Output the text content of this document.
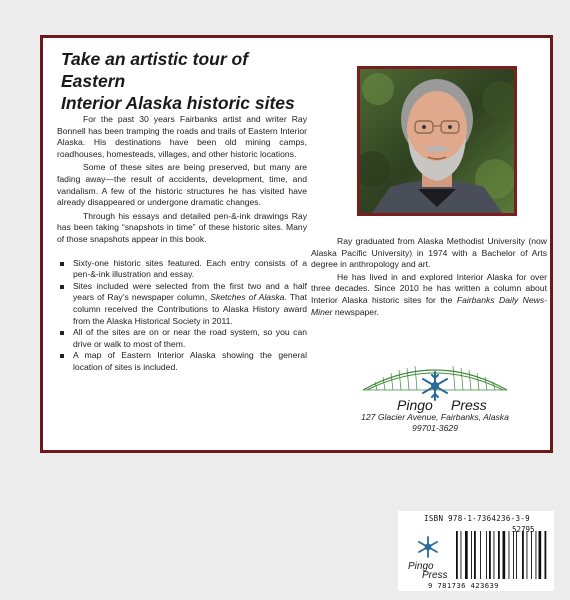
Take an artistic tour of Eastern
Interior Alaska historic sites

For the past 30 years Fairbanks artist and writer Ray Bonnell has been tramping the roads and trails of Eastern Interior Alaska. His destinations have been old mining camps, roadhouses, homesteads, villages, and other historic locations.

Some of these sites are being preserved, but many are fading away—the result of accidents, development, time, and vandalism. A few of the historic structures he has visited have already disappeared or undergone dramatic changes.

Through his essays and detailed pen-&-ink drawings Ray has been taking “snapshots in time” of these historic sites. Many of those snapshots appear in this book.

Sixty-one historic sites featured. Each entry consists of a pen-&-ink illustration and essay.
Sites included were selected from the first two and a half years of Ray’s newspaper column, Sketches of Alaska. That column received the Contributions to Alaska History award from the Alaska Historical Society in 2011.
All of the sites are on or near the road system, so you can drive or walk to most of them.
A map of Eastern Interior Alaska showing the general location of sites is included.

Ray graduated from Alaska Methodist University (now Alaska Pacific University) in 1974 with a Bachelor of Arts degree in anthropology and art.

He has lived in and explored Interior Alaska for over three decades. Since 2010 he has written a column about Interior Alaska historic sites for the Fairbanks Daily News-Miner newspaper.

Pingo Press
127 Glacier Avenue, Fairbanks, Alaska
99701-3629
ISBN 978-1-7364236-3-9
52795
9 781736 423639
Pingo
Press
